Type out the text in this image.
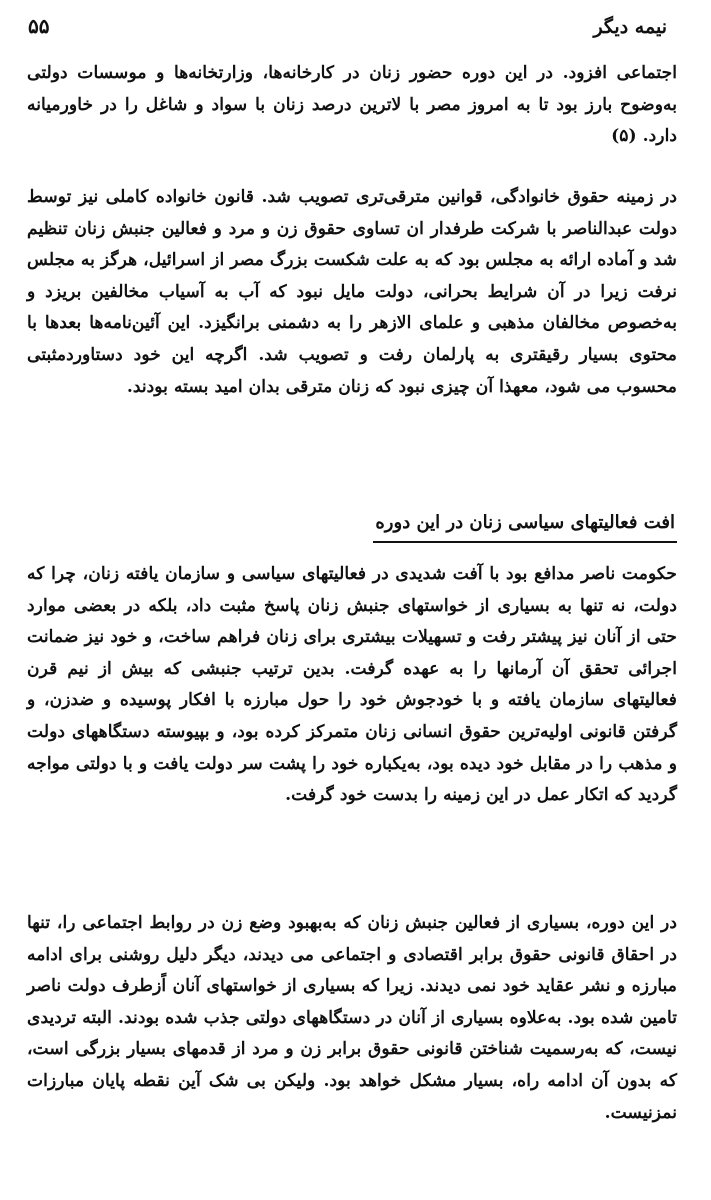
۵۵	نیمه دیگر

اجتماعی افزود. در این دوره حضور زنان در کارخانه‌ها، وزارتخانه‌ها و موسسات دولتی به‌وضوح بارز بود تا به امروز مصر با لاترین درصد زنان با سواد و شاغل را در خاورمیانه دارد. (۵)

در زمینه حقوق خانوادگی، قوانین مترقی‌تری تصویب شد. قانون خانواده کاملی نیز توسط دولت عبدالناصر با شرکت طرفدار ان تساوی حقوق زن و مرد و فعالین جنبش زنان تنظیم شد و آماده ارائه به مجلس بود که به علت شکست بزرگ مصر از اسرائیل، هرگز به مجلس نرفت زیرا در آن شرایط بحرانی، دولت مایل نبود که آب به آسیاب مخالفین بریزد و به‌خصوص مخالفان مذهبی و علمای الازهر را به دشمنی برانگیزد. این آئین‌نامه‌ها بعدها با محتوی بسیار رقیقتری به پارلمان رفت و تصویب شد. اگرچه این خود دستاوردمثبتی محسوب می شود، معهذا آن چیزی نبود که زنان مترقی بدان امید بسته بودند.

افت فعالیتهای سیاسی زنان در این دوره

حکومت ناصر مدافع بود با آفت شدیدی در فعالیتهای سیاسی و سازمان یافته زنان، چرا که دولت، نه تنها به بسیاری از خواستهای جنبش زنان پاسخ مثبت داد، بلکه در بعضی موارد حتی از آنان نیز پیشتر رفت و تسهیلات بیشتری برای زنان فراهم ساخت، و خود نیز ضمانت اجرائی تحقق آن آرمانها را به عهده گرفت. بدین ترتیب جنبشی که بیش از نیم قرن فعالیتهای سازمان یافته و با خودجوش خود را حول مبارزه با افکار پوسیده و ضدزن، و گرفتن قانونی اولیه‌ترین حقوق انسانی زنان متمرکز کرده بود، و بپیوسته دستگاههای دولت و مذهب را در مقابل خود دیده بود، به‌یکباره خود را پشت سر دولت یافت و با دولتی مواجه گردید که اتکار عمل در این زمینه را بدست خود گرفت.

در این دوره، بسیاری از فعالین جنبش زنان که به‌بهبود وضع زن در روابط اجتماعی را، تنها در احقاق قانونی حقوق برابر اقتصادی و اجتماعی می دیدند، دیگر دلیل روشنی برای ادامه مبارزه و نشر عقاید خود نمی دیدند. زیرا که بسیاری از خواستهای آنان اًزطرف دولت ناصر تامین شده بود. به‌علاوه بسیاری از آنان در دستگاههای دولتی جذب شده بودند. البته تردیدی نیست، که به‌رسمیت شناختن قانونی حقوق برابر زن و مرد از قدمهای بسیار بزرگی است، که بدون آن ادامه راه، بسیار مشکل خواهد بود. ولیکن بی شک آین نقطه پایان مبارزات نمزنیست.
